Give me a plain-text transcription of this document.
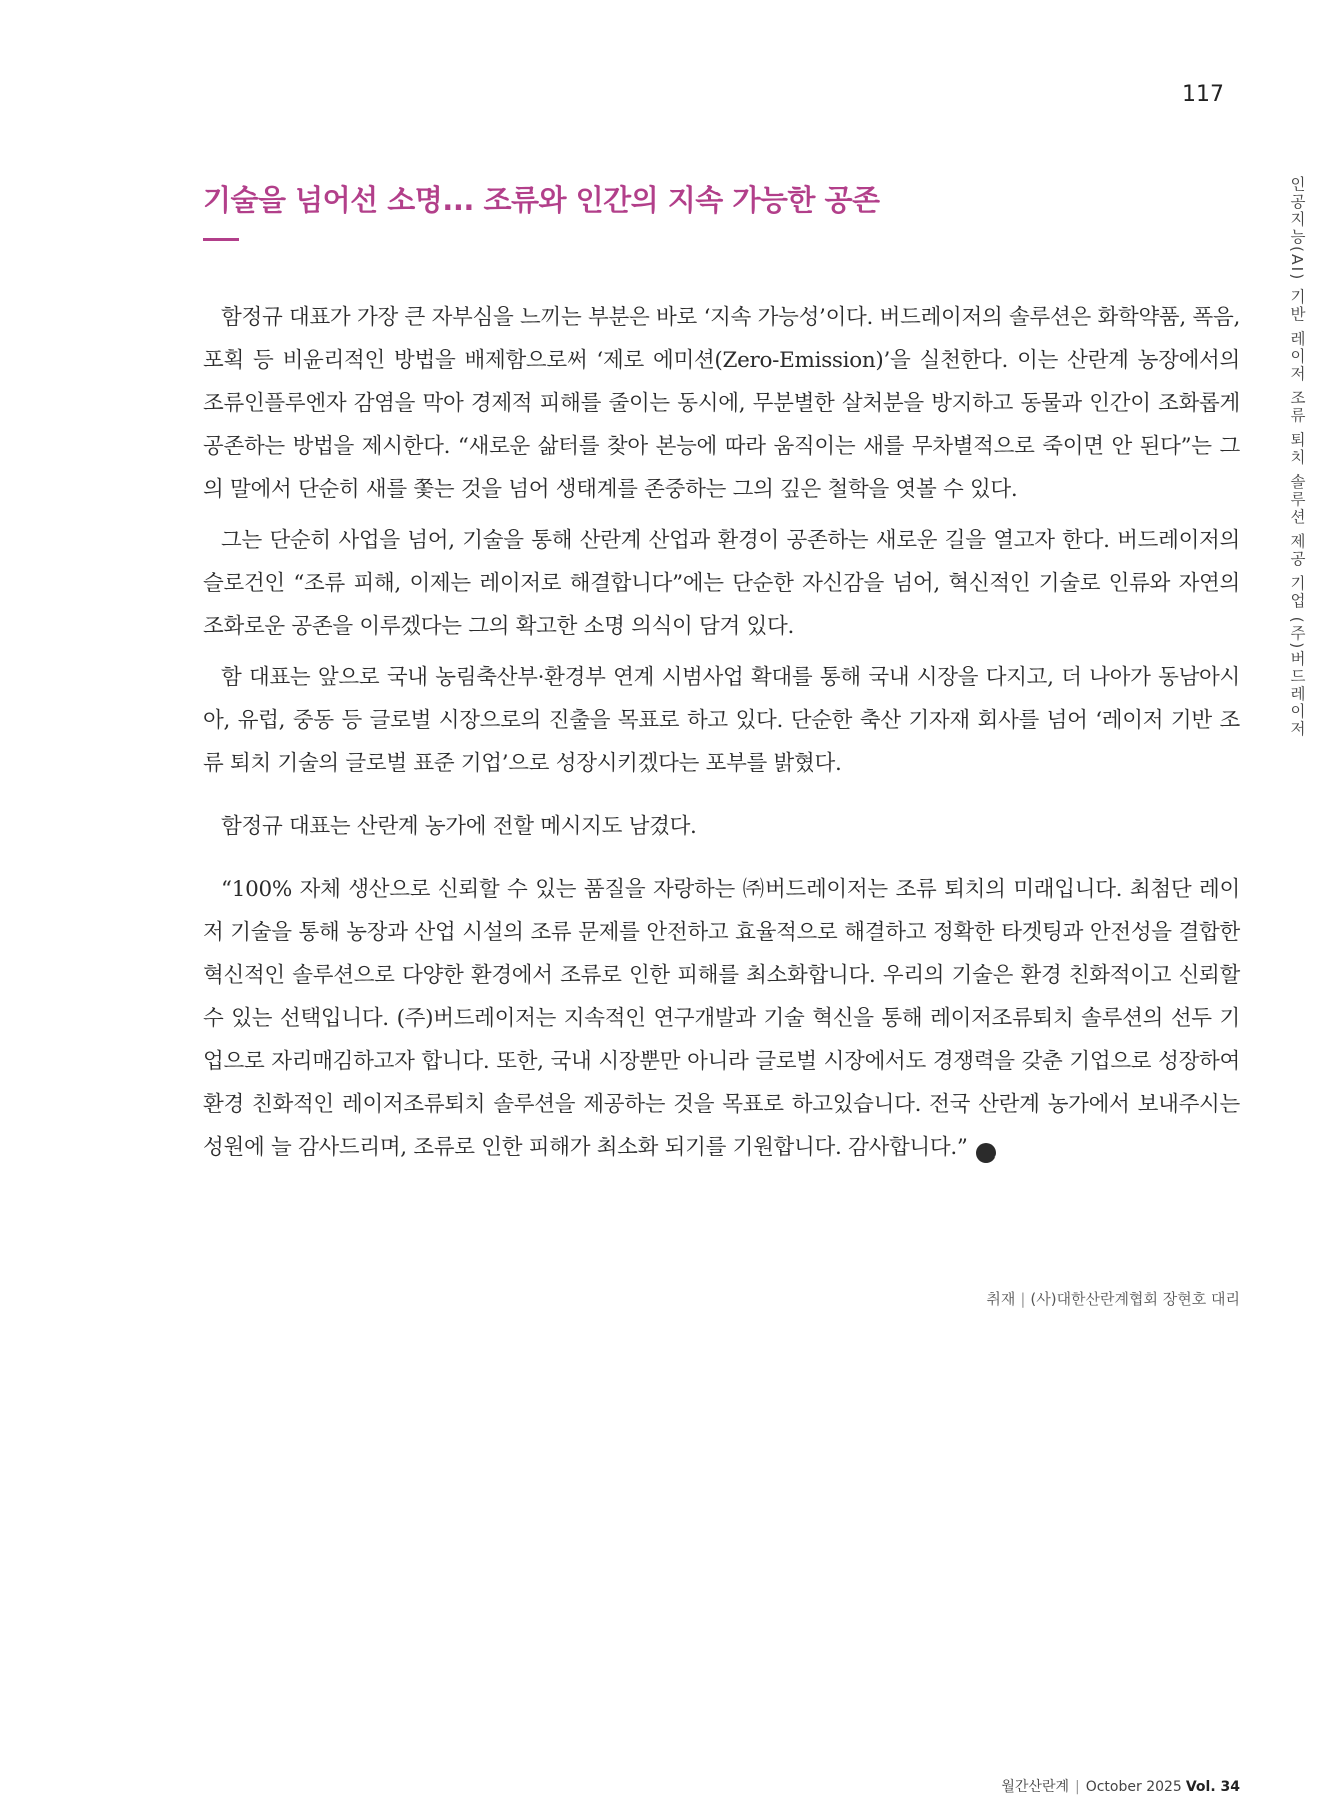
117
인공지능(AI) 기반 레이저 조류 퇴치 솔루션 제공 기업 (주)버드레이저
기술을 넘어선 소명... 조류와 인간의 지속 가능한 공존

함정규 대표가 가장 큰 자부심을 느끼는 부분은 바로 ‘지속 가능성’이다. 버드레이저의 솔루션은 화학약품, 폭음, 포획 등 비윤리적인 방법을 배제함으로써 ‘제로 에미션(Zero-Emission)’을 실천한다. 이는 산란계 농장에서의 조류인플루엔자 감염을 막아 경제적 피해를 줄이는 동시에, 무분별한 살처분을 방지하고 동물과 인간이 조화롭게 공존하는 방법을 제시한다. “새로운 삶터를 찾아 본능에 따라 움직이는 새를 무차별적으로 죽이면 안 된다”는 그의 말에서 단순히 새를 쫓는 것을 넘어 생태계를 존중하는 그의 깊은 철학을 엿볼 수 있다.

그는 단순히 사업을 넘어, 기술을 통해 산란계 산업과 환경이 공존하는 새로운 길을 열고자 한다. 버드레이저의 슬로건인 “조류 피해, 이제는 레이저로 해결합니다”에는 단순한 자신감을 넘어, 혁신적인 기술로 인류와 자연의 조화로운 공존을 이루겠다는 그의 확고한 소명 의식이 담겨 있다.

함 대표는 앞으로 국내 농림축산부·환경부 연계 시범사업 확대를 통해 국내 시장을 다지고, 더 나아가 동남아시아, 유럽, 중동 등 글로벌 시장으로의 진출을 목표로 하고 있다. 단순한 축산 기자재 회사를 넘어 ‘레이저 기반 조류 퇴치 기술의 글로벌 표준 기업’으로 성장시키겠다는 포부를 밝혔다.

함정규 대표는 산란계 농가에 전할 메시지도 남겼다.

“100% 자체 생산으로 신뢰할 수 있는 품질을 자랑하는 ㈜버드레이저는 조류 퇴치의 미래입니다. 최첨단 레이저 기술을 통해 농장과 산업 시설의 조류 문제를 안전하고 효율적으로 해결하고 정확한 타겟팅과 안전성을 결합한 혁신적인 솔루션으로 다양한 환경에서 조류로 인한 피해를 최소화합니다. 우리의 기술은 환경 친화적이고 신뢰할 수 있는 선택입니다. (주)버드레이저는 지속적인 연구개발과 기술 혁신을 통해 레이저조류퇴치 솔루션의 선두 기업으로 자리매김하고자 합니다. 또한, 국내 시장뿐만 아니라 글로벌 시장에서도 경쟁력을 갖춘 기업으로 성장하여 환경 친화적인 레이저조류퇴치 솔루션을 제공하는 것을 목표로 하고있습니다. 전국 산란계 농가에서 보내주시는 성원에 늘 감사드리며, 조류로 인한 피해가 최소화 되기를 기원합니다. 감사합니다.” 月

취재 | (사)대한산란계협회 장현호 대리
월간산란계 | October 2025 Vol. 34
